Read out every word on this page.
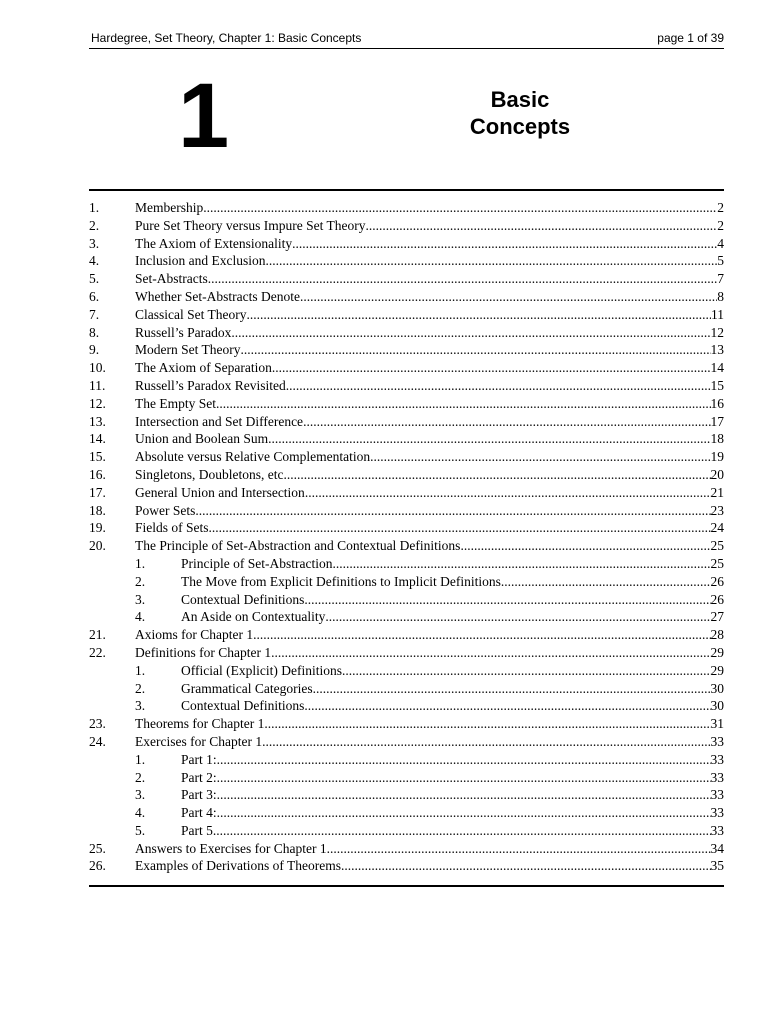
Hardegree, Set Theory, Chapter 1: Basic Concepts	page 1 of 39
1	Basic
Concepts
1.	Membership .....	2
2.	Pure Set Theory versus Impure Set Theory .....	2
3.	The Axiom of Extensionality .....	4
4.	Inclusion and Exclusion .....	5
5.	Set-Abstracts .....	7
6.	Whether Set-Abstracts Denote .....	8
7.	Classical Set Theory .....	11
8.	Russell’s Paradox .....	12
9.	Modern Set Theory .....	13
10. The Axiom of Separation .....	14
11. Russell’s Paradox Revisited .....	15
12. The Empty Set .....	16
13. Intersection and Set Difference .....	17
14. Union and Boolean Sum .....	18
15. Absolute versus Relative Complementation .....	19
16. Singletons, Doubletons, etc .....	20
17. General Union and Intersection .....	21
18. Power Sets .....	23
19. Fields of Sets .....	24
20. The Principle of Set-Abstraction and Contextual Definitions .....	25
1.	Principle of Set-Abstraction .....	25
2.	The Move from Explicit Definitions to Implicit Definitions .....	26
3.	Contextual Definitions .....	26
4.	An Aside on Contextuality .....	27
21. Axioms for Chapter 1 .....	28
22. Definitions for Chapter 1 .....	29
1.	Official (Explicit) Definitions .....	29
2.	Grammatical Categories .....	30
3.	Contextual Definitions .....	30
23. Theorems for Chapter 1 .....	31
24. Exercises for Chapter 1 .....	33
1.	Part 1: .....	33
2.	Part 2: .....	33
3.	Part 3: .....	33
4.	Part 4: .....	33
5.	Part 5. .....	33
25. Answers to Exercises for Chapter 1 .....	34
26. Examples of Derivations of Theorems .....	35
